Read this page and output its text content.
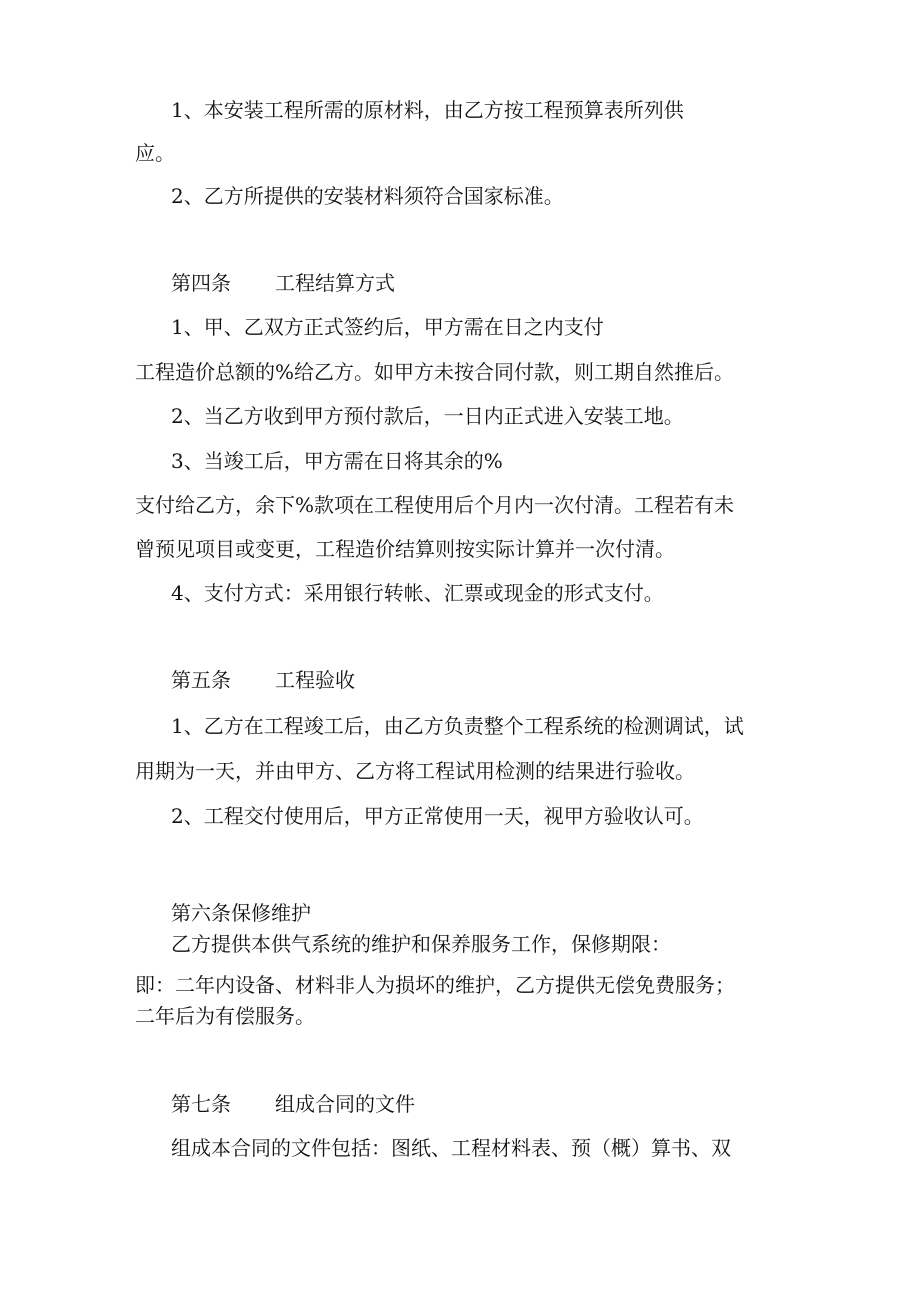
1、本安装工程所需的原材料，由乙方按工程预算表所列供
应。
2、乙方所提供的安装材料须符合国家标准。
第四条 工程结算方式
1、甲、乙双方正式签约后，甲方需在日之内支付
工程造价总额的%给乙方。如甲方未按合同付款，则工期自然推后。
2、当乙方收到甲方预付款后，一日内正式进入安装工地。
3、当竣工后，甲方需在日将其余的%
支付给乙方，余下%款项在工程使用后个月内一次付清。工程若有未
曾预见项目或变更，工程造价结算则按实际计算并一次付清。
4、支付方式：采用银行转帐、汇票或现金的形式支付。
第五条 工程验收
1、乙方在工程竣工后，由乙方负责整个工程系统的检测调试，试
用期为一天，并由甲方、乙方将工程试用检测的结果进行验收。
2、工程交付使用后，甲方正常使用一天，视甲方验收认可。
第六条保修维护
乙方提供本供气系统的维护和保养服务工作，保修期限：
即：二年内设备、材料非人为损坏的维护，乙方提供无偿免费服务；
二年后为有偿服务。
第七条 组成合同的文件
组成本合同的文件包括：图纸、工程材料表、预（概）算书、双
